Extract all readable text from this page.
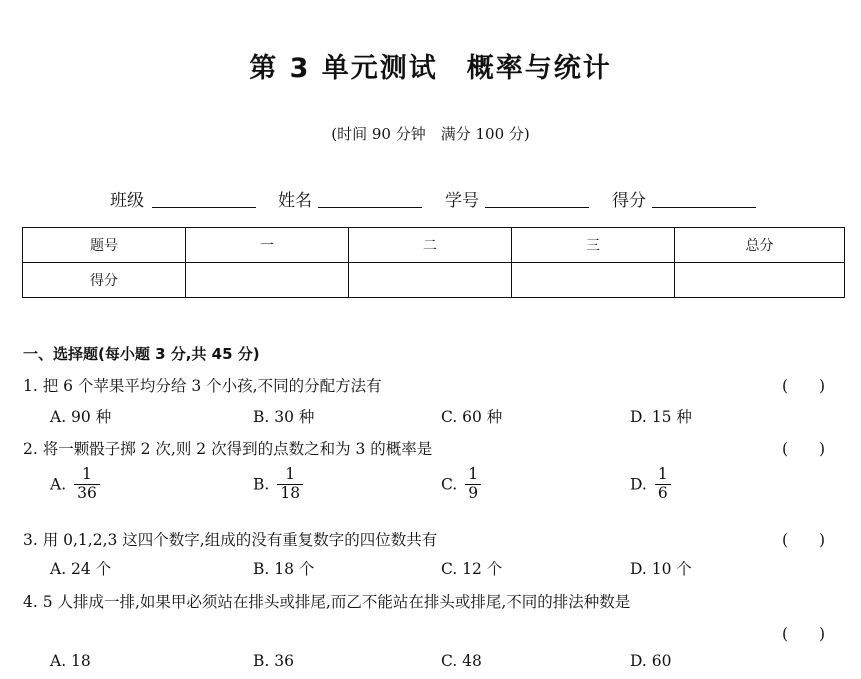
第 3 单元测试　概率与统计
(时间 90 分钟　满分 100 分)
班级	姓名	学号	得分
题号	一	二	三	总分
得分				
一、选择题(每小题 3 分,共 45 分)
1. 把 6 个苹果平均分给 3 个小孩,不同的分配方法有	(　　)
A. 90 种	B. 30 种	C. 60 种	D. 15 种
2. 将一颗骰子掷 2 次,则 2 次得到的点数之和为 3 的概率是	(　　)
A. $\frac{1}{36}$	B. $\frac{1}{18}$	C. $\frac{1}{9}$	D. $\frac{1}{6}$
3. 用 0,1,2,3 这四个数字,组成的没有重复数字的四位数共有	(　　)
A. 24 个	B. 18 个	C. 12 个	D. 10 个
4. 5 人排成一排,如果甲必须站在排头或排尾,而乙不能站在排头或排尾,不同的排法种数是
(　　)
A. 18	B. 36	C. 48	D. 60
